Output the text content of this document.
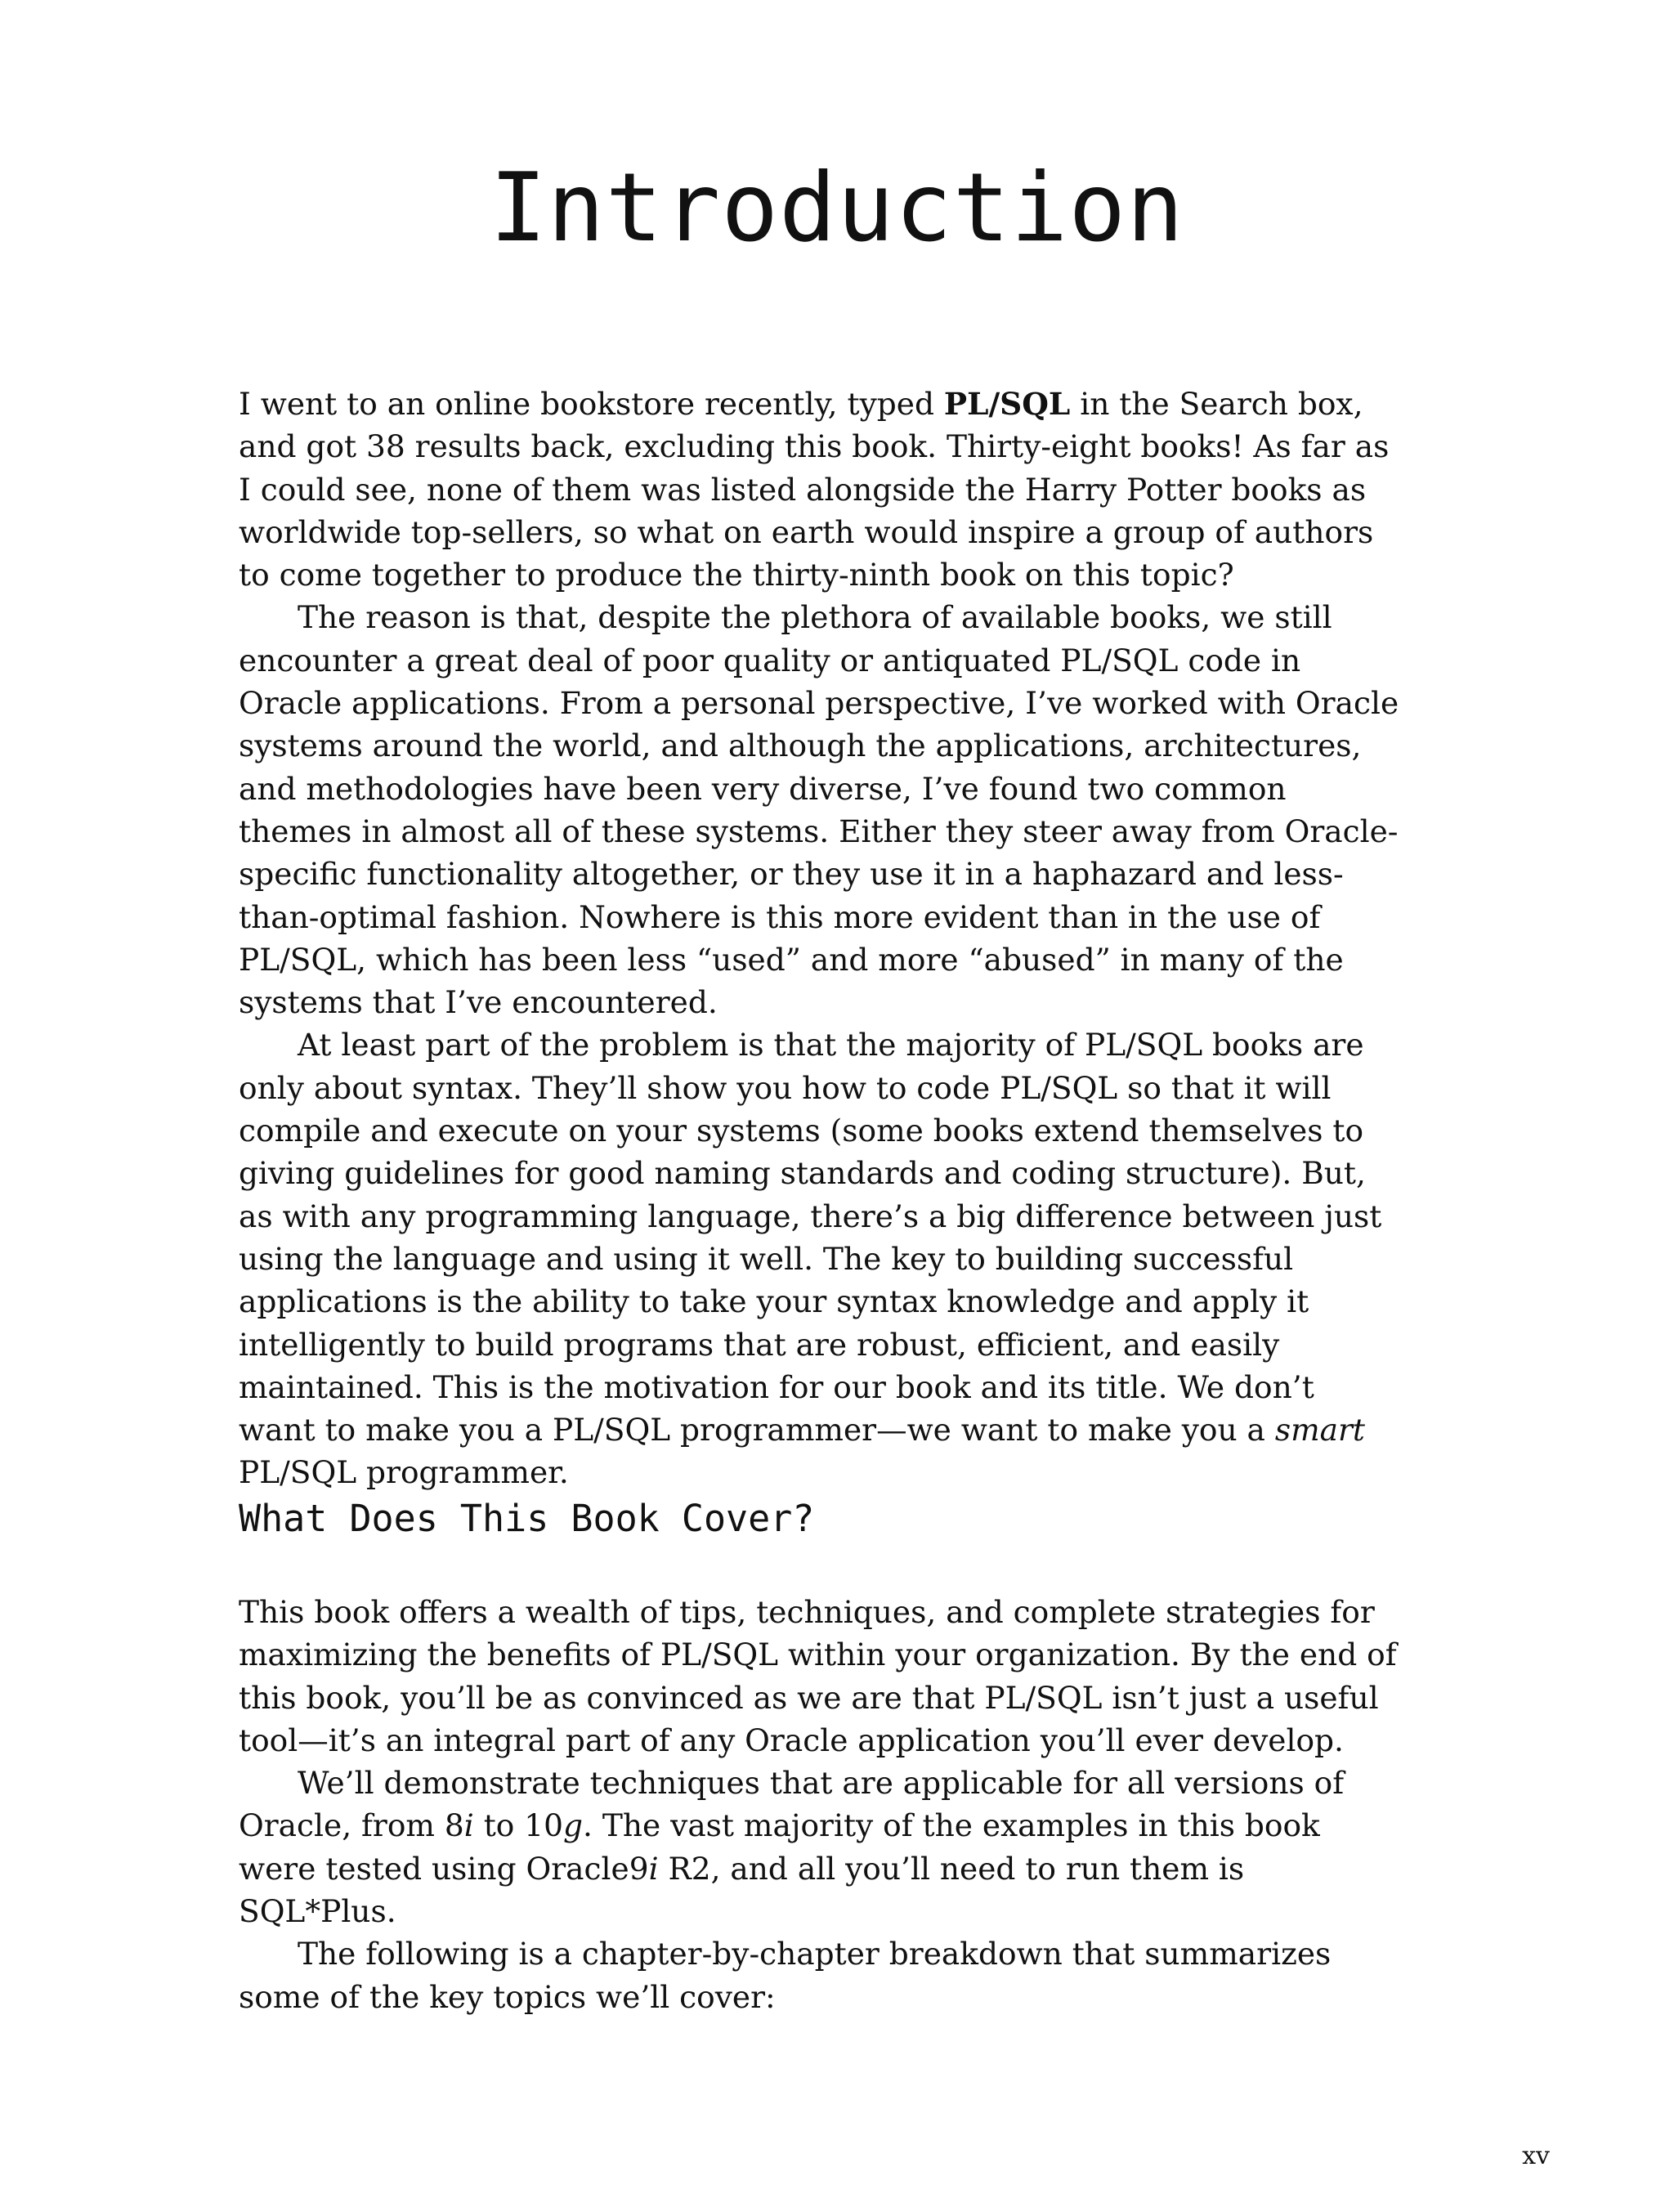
Introduction

I went to an online bookstore recently, typed PL/SQL in the Search box, and got 38 results back, excluding this book. Thirty-eight books! As far as I could see, none of them was listed alongside the Harry Potter books as worldwide top-sellers, so what on earth would inspire a group of authors to come together to produce the thirty-ninth book on this topic?

The reason is that, despite the plethora of available books, we still encounter a great deal of poor quality or antiquated PL/SQL code in Oracle applications. From a personal perspective, I’ve worked with Oracle systems around the world, and although the applications, architectures, and methodologies have been very diverse, I’ve found two common themes in almost all of these systems. Either they steer away from Oracle-specific functionality altogether, or they use it in a haphazard and less-than-optimal fashion. Nowhere is this more evident than in the use of PL/SQL, which has been less “used” and more “abused” in many of the systems that I’ve encountered.

At least part of the problem is that the majority of PL/SQL books are only about syntax. They’ll show you how to code PL/SQL so that it will compile and execute on your systems (some books extend themselves to giving guidelines for good naming standards and coding structure). But, as with any programming language, there’s a big difference between just using the language and using it well. The key to building successful applications is the ability to take your syntax knowledge and apply it intelligently to build programs that are robust, efficient, and easily maintained. This is the motivation for our book and its title. We don’t want to make you a PL/SQL programmer—we want to make you a smart PL/SQL programmer.

What Does This Book Cover?

This book offers a wealth of tips, techniques, and complete strategies for maximizing the benefits of PL/SQL within your organization. By the end of this book, you’ll be as convinced as we are that PL/SQL isn’t just a useful tool—it’s an integral part of any Oracle application you’ll ever develop.

We’ll demonstrate techniques that are applicable for all versions of Oracle, from 8i to 10g. The vast majority of the examples in this book were tested using Oracle9i R2, and all you’ll need to run them is SQL*Plus.

The following is a chapter-by-chapter breakdown that summarizes some of the key topics we’ll cover:

xv
